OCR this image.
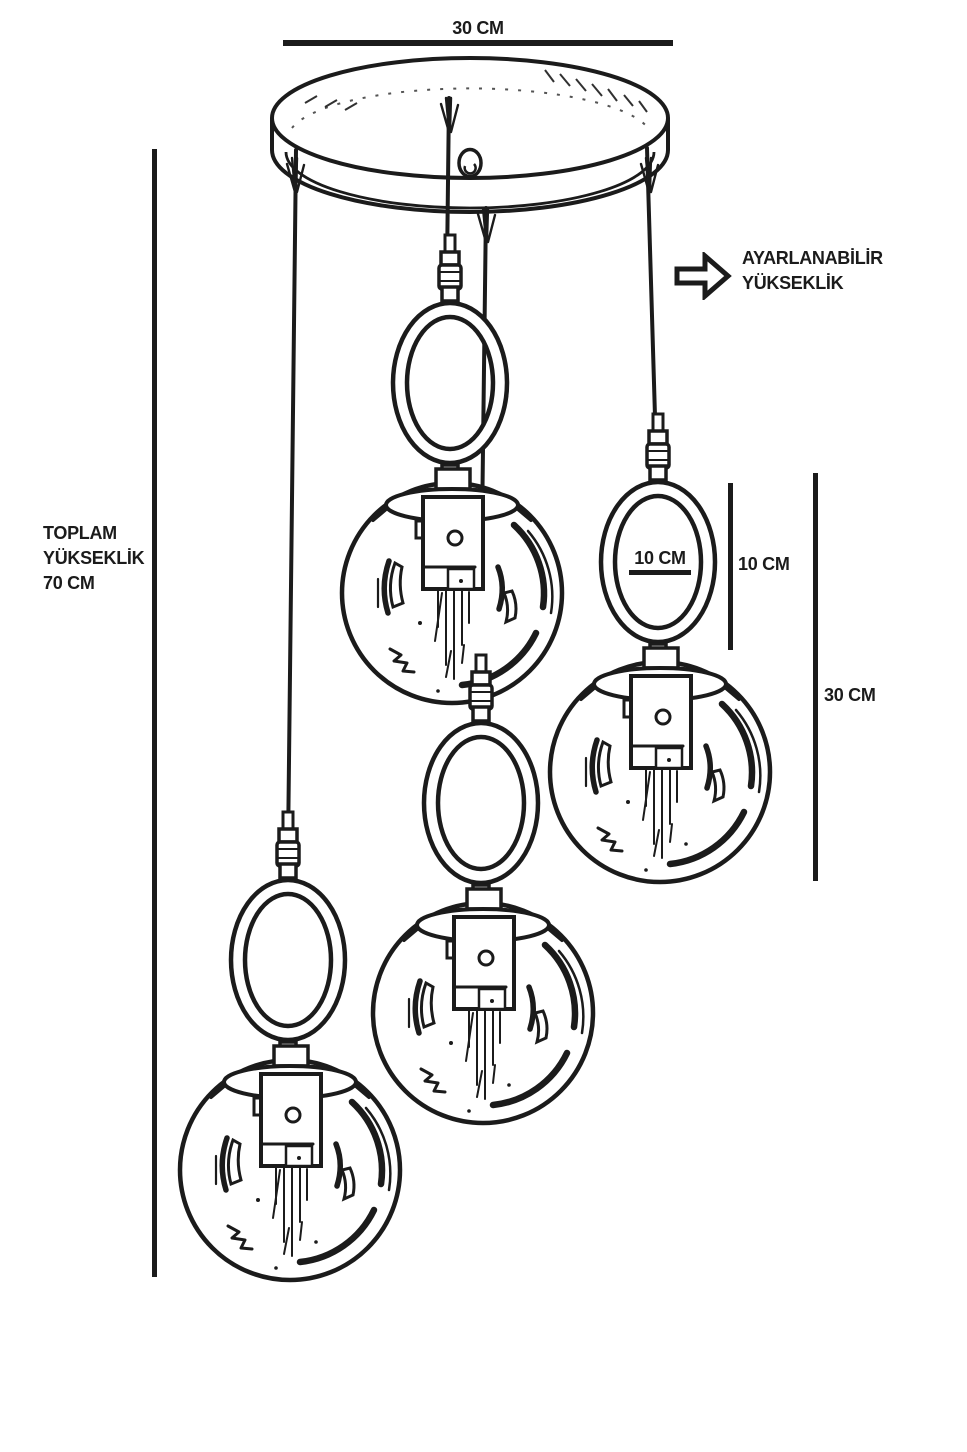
30 CM
TOPLAM
YÜKSEKLİK
70 CM
AYARLANABİLİR
YÜKSEKLİK
10 CM	10 CM
30 CM
